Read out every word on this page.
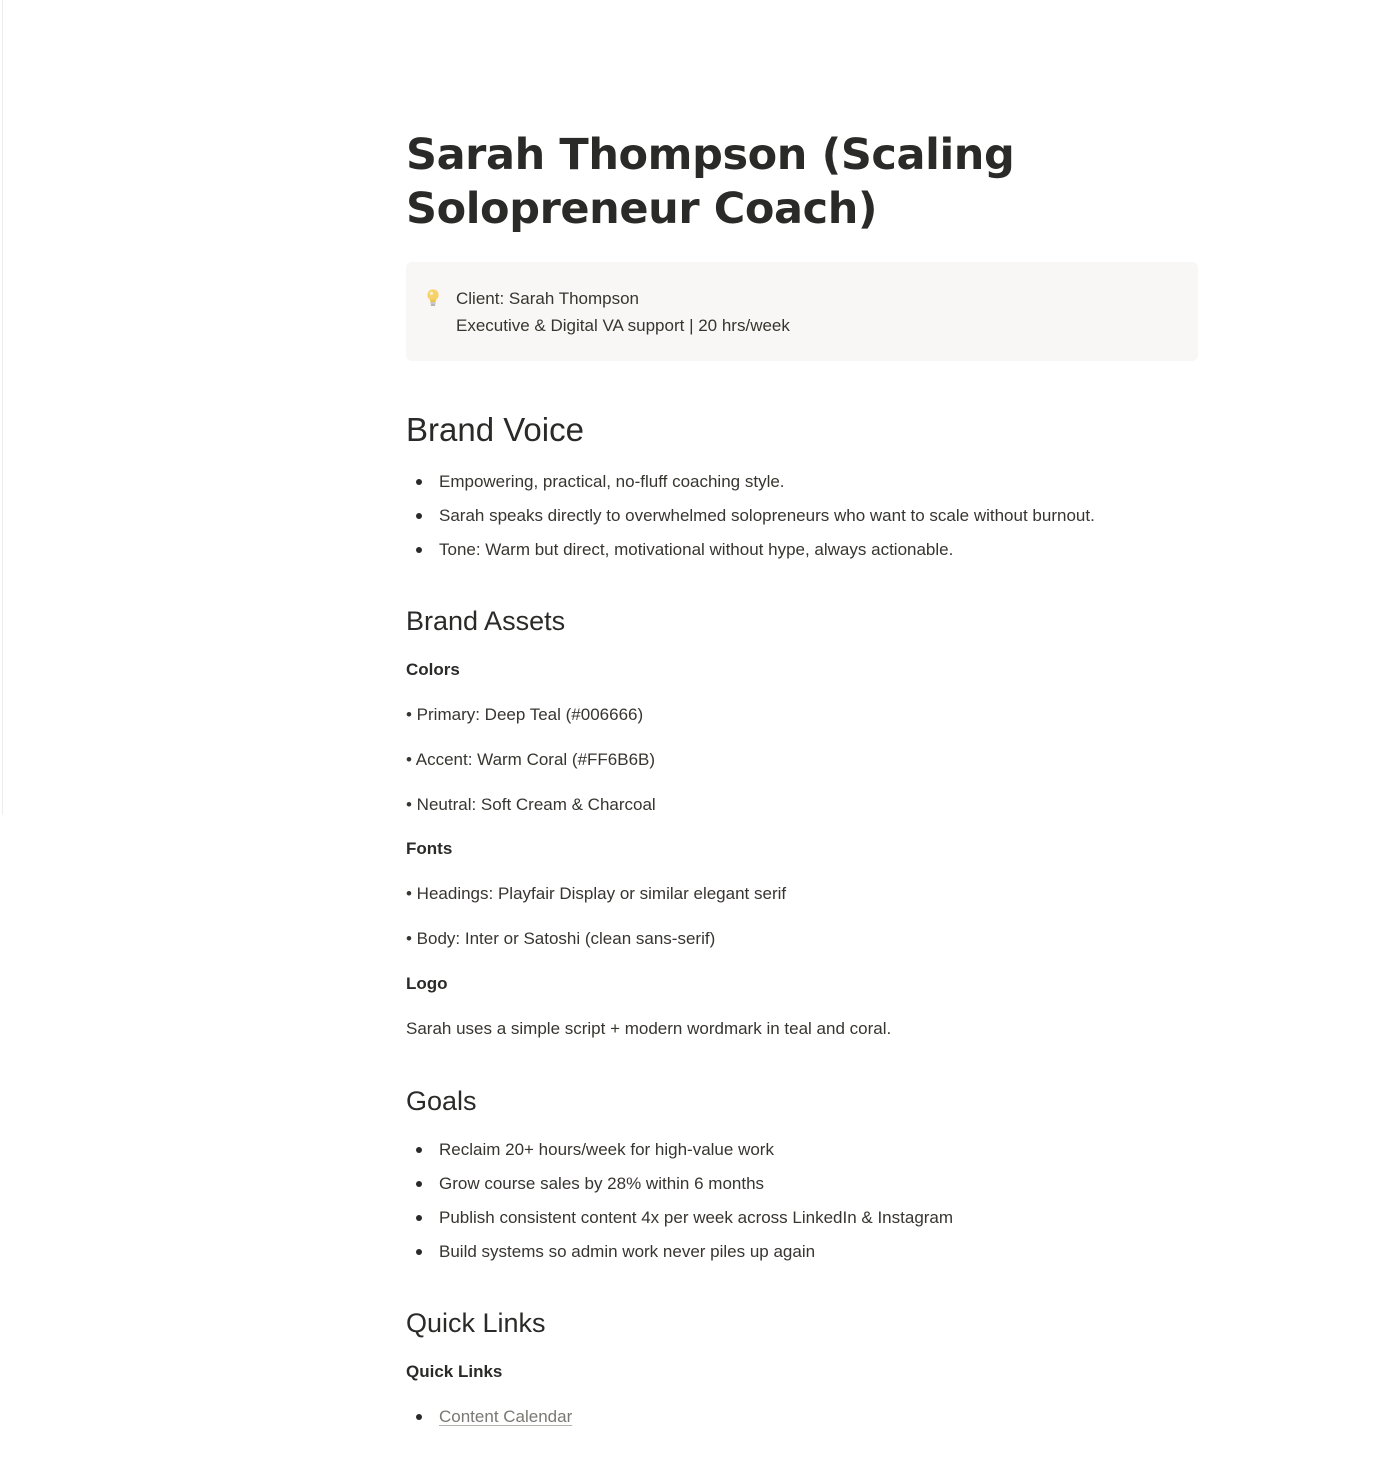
Sarah Thompson (Scaling Solopreneur Coach)
Client: Sarah Thompson
Executive & Digital VA support | 20 hrs/week
Brand Voice
Empowering, practical, no-fluff coaching style.
Sarah speaks directly to overwhelmed solopreneurs who want to scale without burnout.
Tone: Warm but direct, motivational without hype, always actionable.
Brand Assets
Colors

• Primary: Deep Teal (#006666)

• Accent: Warm Coral (#FF6B6B)

• Neutral: Soft Cream & Charcoal

Fonts

• Headings: Playfair Display or similar elegant serif

• Body: Inter or Satoshi (clean sans-serif)

Logo

Sarah uses a simple script + modern wordmark in teal and coral.

Goals
Reclaim 20+ hours/week for high-value work
Grow course sales by 28% within 6 months
Publish consistent content 4x per week across LinkedIn & Instagram
Build systems so admin work never piles up again
Quick Links
Quick Links
Content Calendar
